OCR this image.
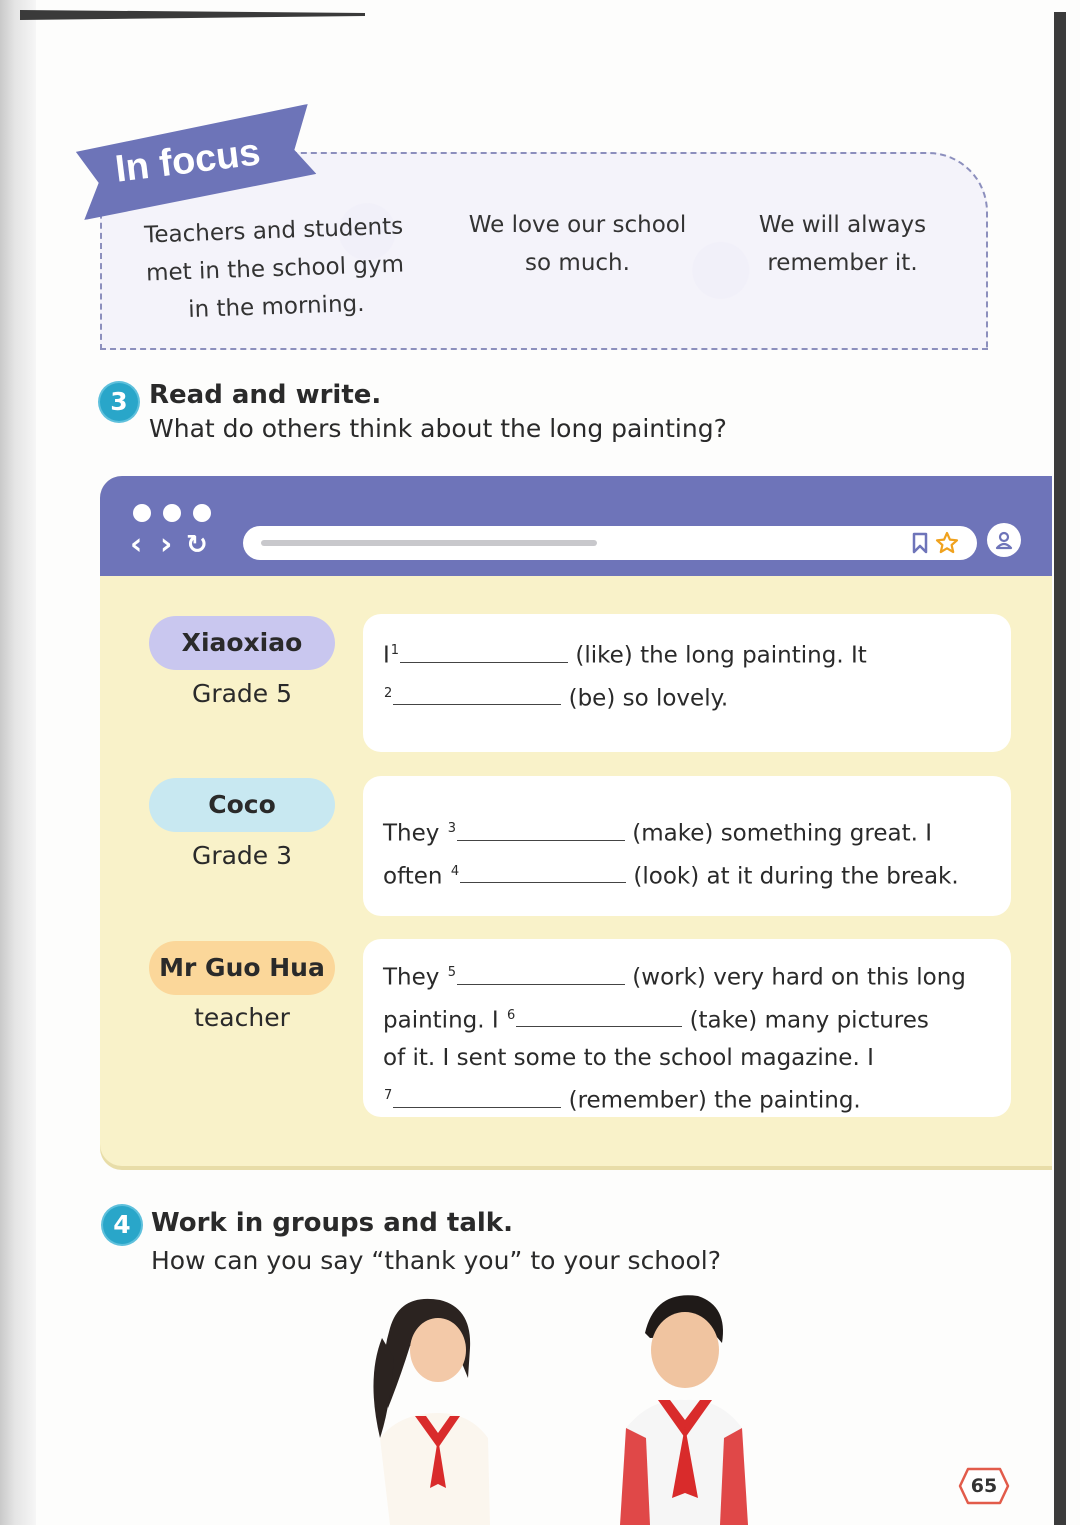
In focus
Teachers and students
met in the school gym
in the morning.
We love our school
so much.
We will always
remember it.
3 Read and write.
What do others think about the long painting?
‹ › ↻
Xiaoxiao
Grade 5
$I^1$	(like) the long painting. It
$^2$	(be) so lovely.
Coco
Grade 3
They $^3$	(make) something great. I
often $^4$	(look) at it during the break.
Mr Guo Hua
teacher
They $^5$	(work) very hard on this long
painting. I $^6$	(take) many pictures
of it. I sent some to the school magazine. I
$^7$	(remember) the painting.
4 Work in groups and talk.
How can you say “thank you” to your school?
65
